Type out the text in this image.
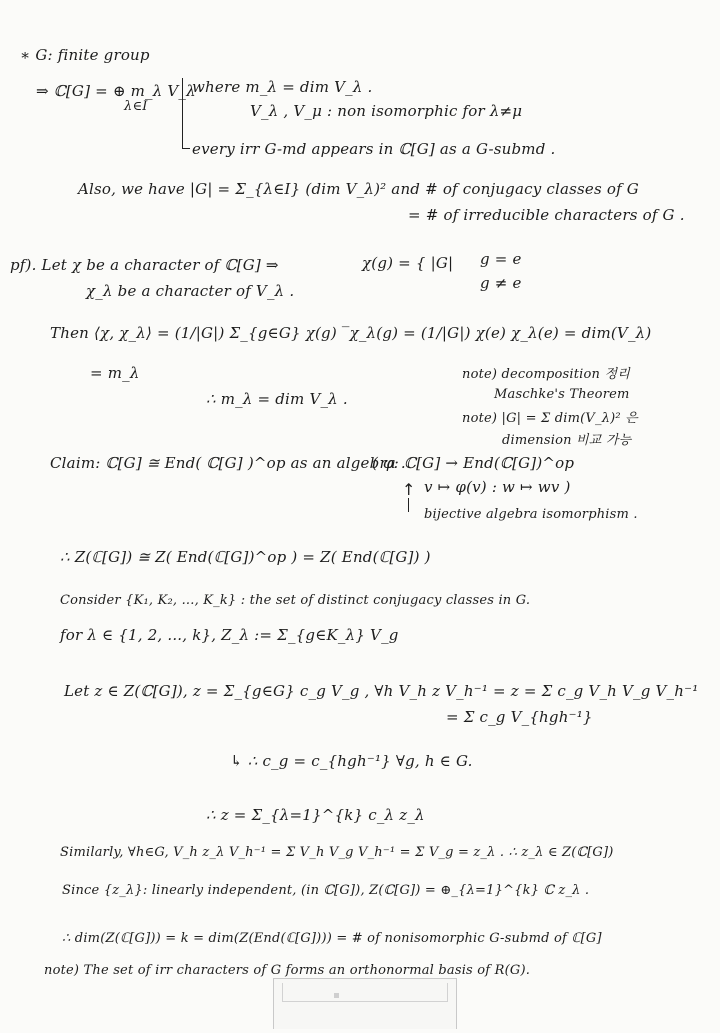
∗ G: finite group
⇒ ℂ[G] = ⊕ m_λ V_λ
λ∈I
where m_λ = dim V_λ .
V_λ , V_μ : non isomorphic for λ≠μ
every irr G-md appears in ℂ[G] as a G-submd .
Also, we have |G| = Σ_{λ∈I} (dim V_λ)² and # of conjugacy classes of G
= # of irreducible characters of G .
pf). Let χ be a character of ℂ[G] ⇒	χ(g) = { |G| g = e
χ_λ be a character of V_λ .	g ≠ e
Then ⟨χ, χ_λ⟩ = (1/|G|) Σ_{g∈G} χ(g) ‾χ_λ(g) = (1/|G|) χ(e) χ_λ(e) = dim(V_λ)
= m_λ	note) decomposition 정리
Maschke's Theorem
∴ m_λ = dim V_λ .
note) |G| = Σ dim(V_λ)² 은
dimension 비교 가능
Claim: ℂ[G] ≅ End( ℂ[G] )^op as an algebra .
( φ: ℂ[G] → End(ℂ[G])^op
v ↦ φ(v) : w ↦ wv )
↑
bijective algebra isomorphism .
∴ Z(ℂ[G]) ≅ Z( End(ℂ[G])^op ) = Z( End(ℂ[G]) )
Consider {K₁, K₂, ..., K_k} : the set of distinct conjugacy classes in G.
for λ ∈ {1, 2, ..., k}, Z_λ := Σ_{g∈K_λ} V_g
Let z ∈ Z(ℂ[G]), z = Σ_{g∈G} c_g V_g , ∀h V_h z V_h⁻¹ = z = Σ c_g V_h V_g V_h⁻¹
= Σ c_g V_{hgh⁻¹}
↳ ∴ c_g = c_{hgh⁻¹} ∀g, h ∈ G.
∴ z = Σ_{λ=1}^{k} c_λ z_λ
Similarly, ∀h∈G, V_h z_λ V_h⁻¹ = Σ V_h V_g V_h⁻¹ = Σ V_g = z_λ . ∴ z_λ ∈ Z(ℂ[G])
Since {z_λ}: linearly independent, (in ℂ[G]), Z(ℂ[G]) = ⊕_{λ=1}^{k} ℂ z_λ .
∴ dim(Z(ℂ[G])) = k = dim(Z(End(ℂ[G]))) = # of nonisomorphic G-submd of ℂ[G]
note) The set of irr characters of G forms an orthonormal basis of R(G).
